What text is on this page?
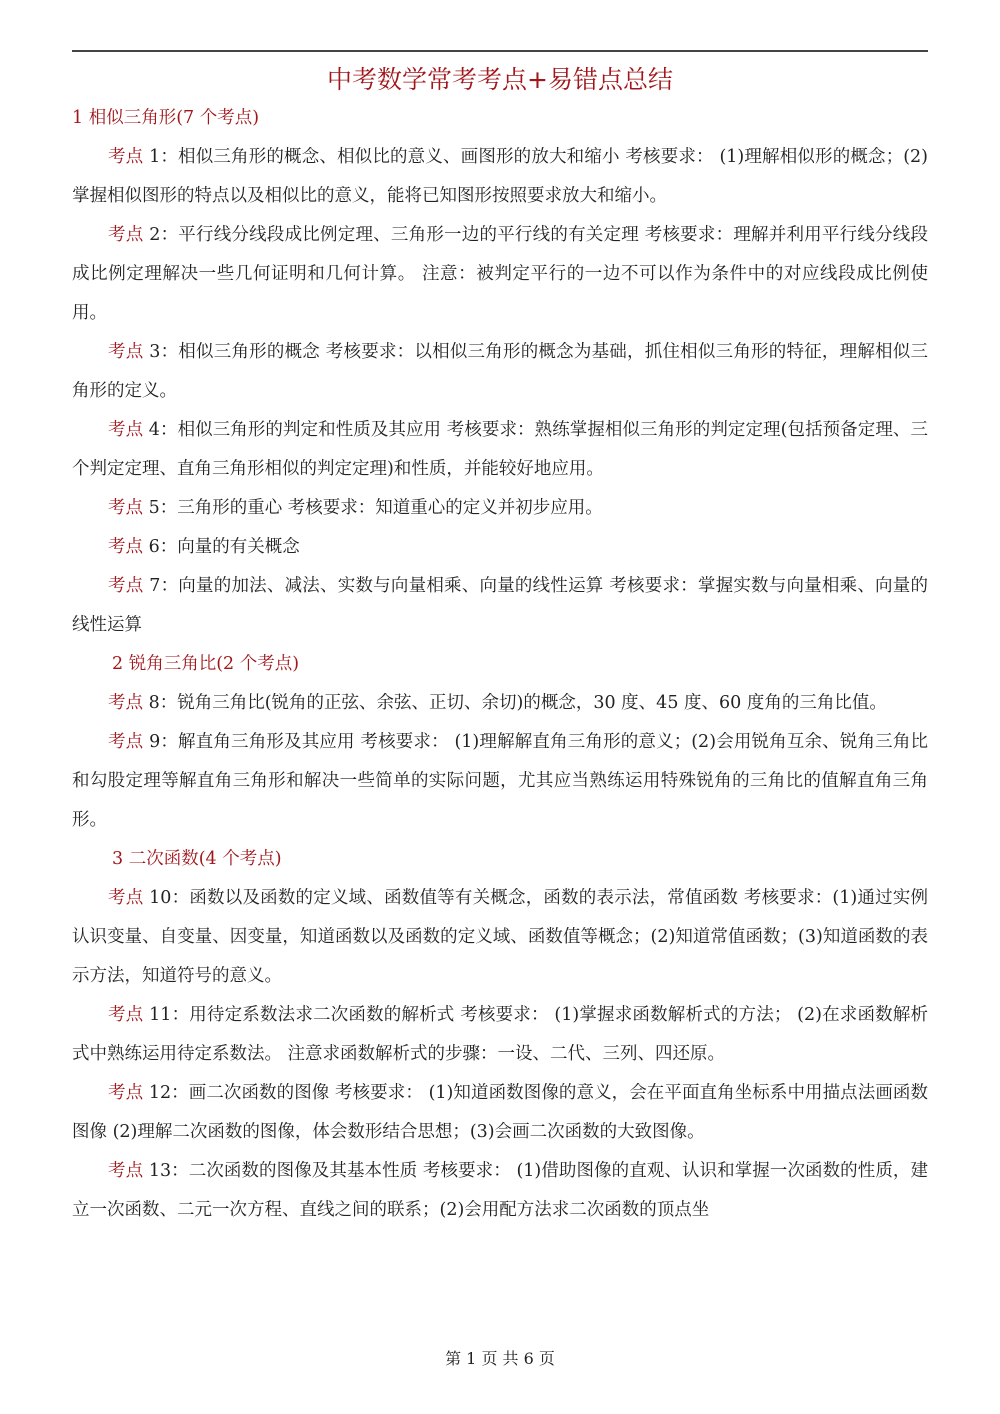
中考数学常考考点+易错点总结

1 相似三角形(7 个考点)

考点 1：相似三角形的概念、相似比的意义、画图形的放大和缩小 考核要求： (1)理解相似形的概念；(2)掌握相似图形的特点以及相似比的意义，能将已知图形按照要求放大和缩小。

考点 2：平行线分线段成比例定理、三角形一边的平行线的有关定理 考核要求：理解并利用平行线分线段成比例定理解决一些几何证明和几何计算。 注意：被判定平行的一边不可以作为条件中的对应线段成比例使用。

考点 3：相似三角形的概念 考核要求：以相似三角形的概念为基础，抓住相似三角形的特征，理解相似三角形的定义。

考点 4：相似三角形的判定和性质及其应用 考核要求：熟练掌握相似三角形的判定定理(包括预备定理、三个判定定理、直角三角形相似的判定定理)和性质，并能较好地应用。

考点 5：三角形的重心 考核要求：知道重心的定义并初步应用。

考点 6：向量的有关概念

考点 7：向量的加法、减法、实数与向量相乘、向量的线性运算 考核要求：掌握实数与向量相乘、向量的线性运算

2 锐角三角比(2 个考点)

考点 8：锐角三角比(锐角的正弦、余弦、正切、余切)的概念，30 度、45 度、60 度角的三角比值。

考点 9：解直角三角形及其应用 考核要求： (1)理解解直角三角形的意义；(2)会用锐角互余、锐角三角比和勾股定理等解直角三角形和解决一些简单的实际问题，尤其应当熟练运用特殊锐角的三角比的值解直角三角形。

3 二次函数(4 个考点)

考点 10：函数以及函数的定义域、函数值等有关概念，函数的表示法，常值函数 考核要求：(1)通过实例认识变量、自变量、因变量，知道函数以及函数的定义域、函数值等概念；(2)知道常值函数；(3)知道函数的表示方法，知道符号的意义。

考点 11：用待定系数法求二次函数的解析式 考核要求： (1)掌握求函数解析式的方法； (2)在求函数解析式中熟练运用待定系数法。 注意求函数解析式的步骤：一设、二代、三列、四还原。

考点 12：画二次函数的图像 考核要求： (1)知道函数图像的意义，会在平面直角坐标系中用描点法画函数图像 (2)理解二次函数的图像，体会数形结合思想；(3)会画二次函数的大致图像。

考点 13：二次函数的图像及其基本性质 考核要求： (1)借助图像的直观、认识和掌握一次函数的性质，建立一次函数、二元一次方程、直线之间的联系；(2)会用配方法求二次函数的顶点坐

第 1 页 共 6 页
